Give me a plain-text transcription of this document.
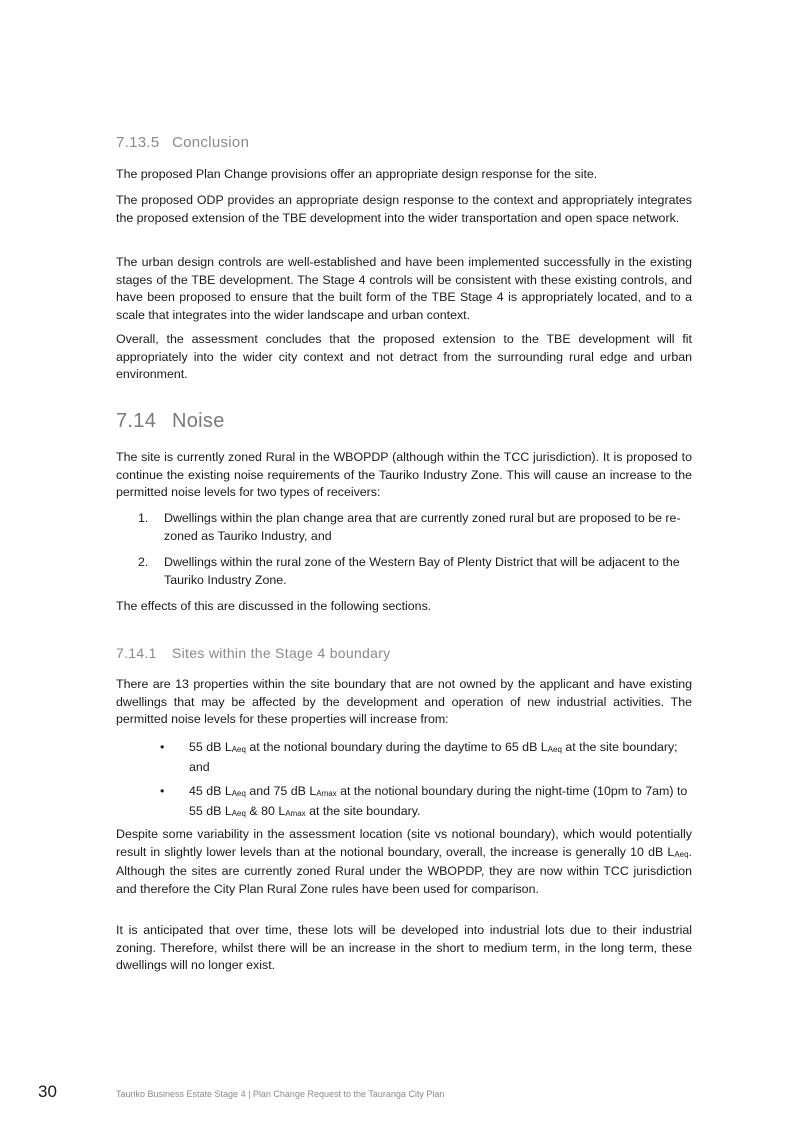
7.13.5 Conclusion

The proposed Plan Change provisions offer an appropriate design response for the site.

The proposed ODP provides an appropriate design response to the context and appropriately integrates the proposed extension of the TBE development into the wider transportation and open space network.

The urban design controls are well-established and have been implemented successfully in the existing stages of the TBE development. The Stage 4 controls will be consistent with these existing controls, and have been proposed to ensure that the built form of the TBE Stage 4 is appropriately located, and to a scale that integrates into the wider landscape and urban context.

Overall, the assessment concludes that the proposed extension to the TBE development will fit appropriately into the wider city context and not detract from the surrounding rural edge and urban environment.

7.14 Noise

The site is currently zoned Rural in the WBOPDP (although within the TCC jurisdiction). It is proposed to continue the existing noise requirements of the Tauriko Industry Zone. This will cause an increase to the permitted noise levels for two types of receivers:

1. Dwellings within the plan change area that are currently zoned rural but are proposed to be re-zoned as Tauriko Industry, and

2. Dwellings within the rural zone of the Western Bay of Plenty District that will be adjacent to the Tauriko Industry Zone.

The effects of this are discussed in the following sections.

7.14.1 Sites within the Stage 4 boundary

There are 13 properties within the site boundary that are not owned by the applicant and have existing dwellings that may be affected by the development and operation of new industrial activities. The permitted noise levels for these properties will increase from:

• 55 dB $L_{Aeq}$ at the notional boundary during the daytime to 65 dB $L_{Aeq}$ at the site boundary; and

• 45 dB $L_{Aeq}$ and 75 dB $L_{Amax}$ at the notional boundary during the night-time (10pm to 7am) to 55 dB $L_{Aeq}$ & 80 $L_{Amax}$ at the site boundary.

Despite some variability in the assessment location (site vs notional boundary), which would potentially result in slightly lower levels than at the notional boundary, overall, the increase is generally 10 dB $L_{Aeq}$. Although the sites are currently zoned Rural under the WBOPDP, they are now within TCC jurisdiction and therefore the City Plan Rural Zone rules have been used for comparison.

It is anticipated that over time, these lots will be developed into industrial lots due to their industrial zoning. Therefore, whilst there will be an increase in the short to medium term, in the long term, these dwellings will no longer exist.

30	Tauriko Business Estate Stage 4 | Plan Change Request to the Tauranga City Plan
